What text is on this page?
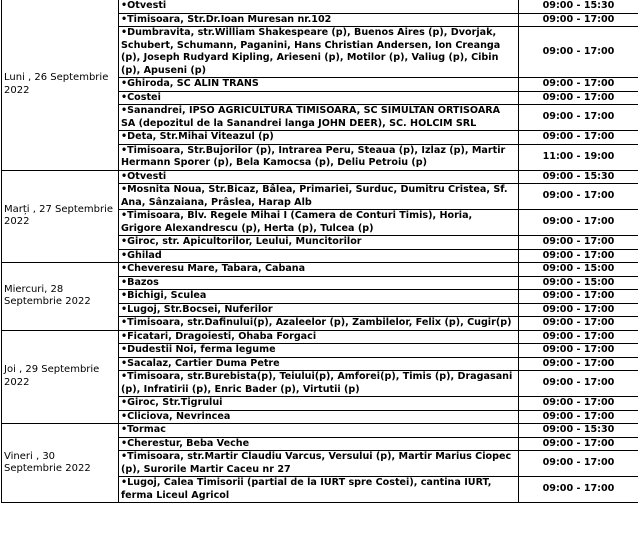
Luni , 26 Septembrie 2022	•Otvesti	09:00 - 15:30
	•Timisoara, Str.Dr.Ioan Muresan nr.102	09:00 - 17:00
	•Dumbravita, str.William Shakespeare (p), Buenos Aires (p), Dvorjak, Schubert, Schumann, Paganini, Hans Christian Andersen, Ion Creanga (p), Joseph Rudyard Kipling, Arieseni (p), Motilor (p), Valiug (p), Cibin (p), Apuseni (p)	09:00 - 17:00
	•Ghiroda, SC ALIN TRANS	09:00 - 17:00
	•Costei	09:00 - 17:00
	•Sanandrei, IPSO AGRICULTURA TIMISOARA, SC SIMULTAN ORTISOARA SA (depozitul de la Sanandrei langa JOHN DEER), SC. HOLCIM SRL	09:00 - 17:00
	•Deta, Str.Mihai Viteazul (p)	09:00 - 17:00
	•Timisoara, Str.Bujorilor (p), Intrarea Peru, Steaua (p), Izlaz (p), Martir Hermann Sporer (p), Bela Kamocsa (p), Deliu Petroiu (p)	11:00 - 19:00
Marți , 27 Septembrie 2022	•Otvesti	09:00 - 15:30
	•Mosnita Noua, Str.Bicaz, Bâlea, Primariei, Surduc, Dumitru Cristea, Sf. Ana, Sânzaiana, Prâslea, Harap Alb	09:00 - 17:00
	•Timisoara, Blv. Regele Mihai I (Camera de Conturi Timis), Horia, Grigore Alexandrescu (p), Herta (p), Tulcea (p)	09:00 - 17:00
	•Giroc, str. Apicultorilor, Leului, Muncitorilor	09:00 - 17:00
	•Ghilad	09:00 - 17:00
Miercuri, 28 Septembrie 2022	•Cheveresu Mare, Tabara, Cabana	09:00 - 15:00
	•Bazos	09:00 - 15:00
	•Bichigi, Sculea	09:00 - 17:00
	•Lugoj, Str.Bocsei, Nuferilor	09:00 - 17:00
	•Timisoara, str.Dafinului(p), Azaleelor (p), Zambilelor, Felix (p), Cugir(p)	09:00 - 17:00
Joi , 29 Septembrie 2022	•Ficatari, Dragoiesti, Ohaba Forgaci	09:00 - 17:00
	•Dudestii Noi, ferma legume	09:00 - 17:00
	•Sacalaz, Cartier Duma Petre	09:00 - 17:00
	•Timisoara, str.Burebista(p), Teiului(p), Amforei(p), Timis (p), Dragasani (p), Infratirii (p), Enric Bader (p), Virtutii (p)	09:00 - 17:00
	•Giroc, Str.Tigrului	09:00 - 17:00
	•Cliciova, Nevrincea	09:00 - 17:00
Vineri , 30 Septembrie 2022	•Tormac	09:00 - 15:30
	•Cherestur, Beba Veche	09:00 - 17:00
	•Timisoara, str.Martir Claudiu Varcus, Versului (p), Martir Marius Ciopec (p), Surorile Martir Caceu nr 27	09:00 - 17:00
	•Lugoj, Calea Timisorii (partial de la IURT spre Costei), cantina IURT, ferma Liceul Agricol	09:00 - 17:00
